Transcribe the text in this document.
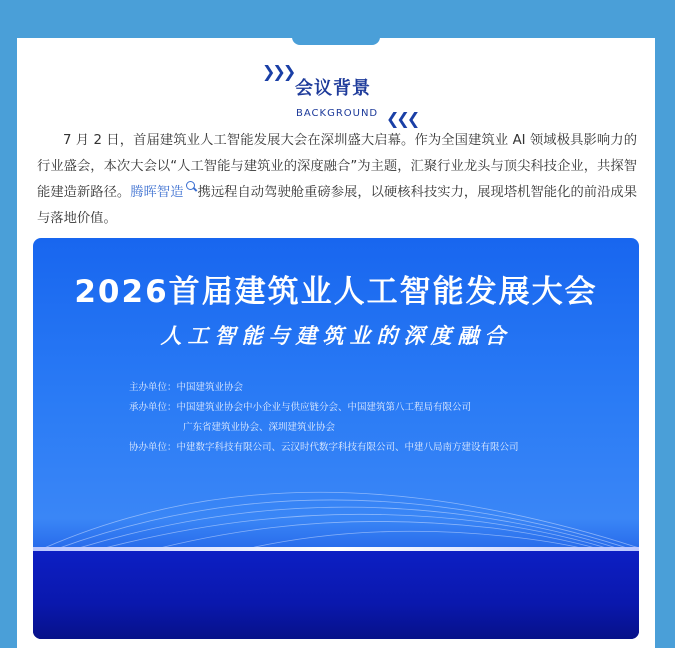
❯❯❯
会议背景
BACKGROUND ❮❮❮
7 月 2 日，首届建筑业人工智能发展大会在深圳盛大启幕。作为全国建筑业 AI 领域极具影响力的行业盛会，本次大会以“人工智能与建筑业的深度融合”为主题，汇聚行业龙头与顶尖科技企业，共探智能建造新路径。腾晖智造 携远程自动驾驶舱重磅参展，以硬核科技实力，展现塔机智能化的前沿成果与落地价值。
2026首届建筑业人工智能发展大会
人工智能与建筑业的深度融合
主办单位：中国建筑业协会
承办单位：中国建筑业协会中小企业与供应链分会、中国建筑第八工程局有限公司
广东省建筑业协会、深圳建筑业协会
协办单位：中建数字科技有限公司、云汉时代数字科技有限公司、中建八局南方建设有限公司
